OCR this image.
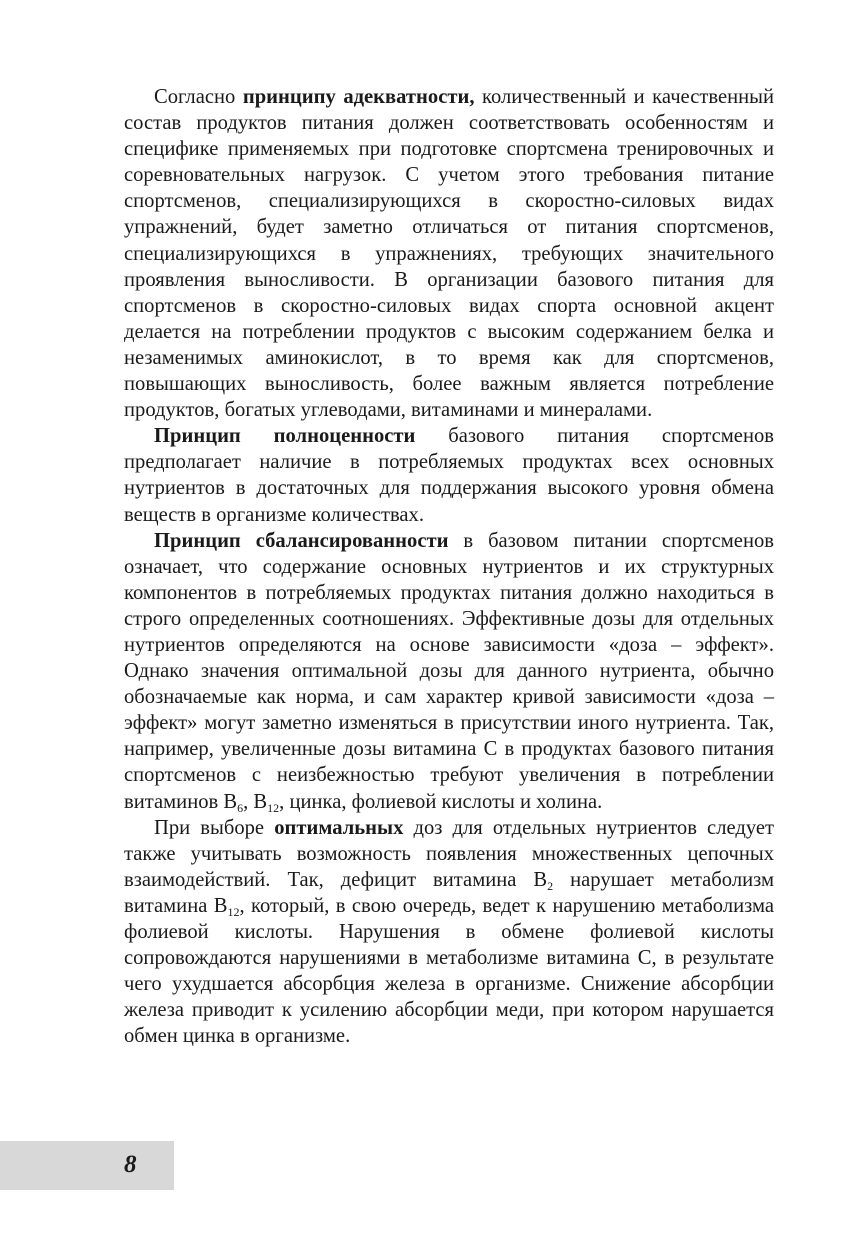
Согласно принципу адекватности, количественный и качественный состав продуктов питания должен соответствовать особенностям и специфике применяемых при подготовке спортсмена тренировочных и соревновательных нагрузок. С учетом этого требования питание спортсменов, специализирующихся в скоростно-силовых видах упражнений, будет заметно отличаться от питания спортсменов, специализирующихся в упражнениях, требующих значительного проявления выносливости. В организации базового питания для спортсменов в скоростно-силовых видах спорта основной акцент делается на потреблении продуктов с высоким содержанием белка и незаменимых аминокислот, в то время как для спортсменов, повышающих выносливость, более важным является потребление продуктов, богатых углеводами, витаминами и минералами.

Принцип полноценности базового питания спортсменов предполагает наличие в потребляемых продуктах всех основных нутриентов в достаточных для поддержания высокого уровня обмена веществ в организме количествах.

Принцип сбалансированности в базовом питании спортсменов означает, что содержание основных нутриентов и их структурных компонентов в потребляемых продуктах питания должно находиться в строго определенных соотношениях. Эффективные дозы для отдельных нутриентов определяются на основе зависимости «доза – эффект». Однако значения оптимальной дозы для данного нутриента, обычно обозначаемые как норма, и сам характер кривой зависимости «доза – эффект» могут заметно изменяться в присутствии иного нутриента. Так, например, увеличенные дозы витамина С в продуктах базового питания спортсменов с неизбежностью требуют увеличения в потреблении витаминов $В_6$, $В_{12}$, цинка, фолиевой кислоты и холина.

При выборе оптимальных доз для отдельных нутриентов следует также учитывать возможность появления множественных цепочных взаимодействий. Так, дефицит витамина $В_2$ нарушает метаболизм витамина $В_{12}$, который, в свою очередь, ведет к нарушению метаболизма фолиевой кислоты. Нарушения в обмене фолиевой кислоты сопровождаются нарушениями в метаболизме витамина С, в результате чего ухудшается абсорбция железа в организме. Снижение абсорбции железа приводит к усилению абсорбции меди, при котором нарушается обмен цинка в организме.

8
